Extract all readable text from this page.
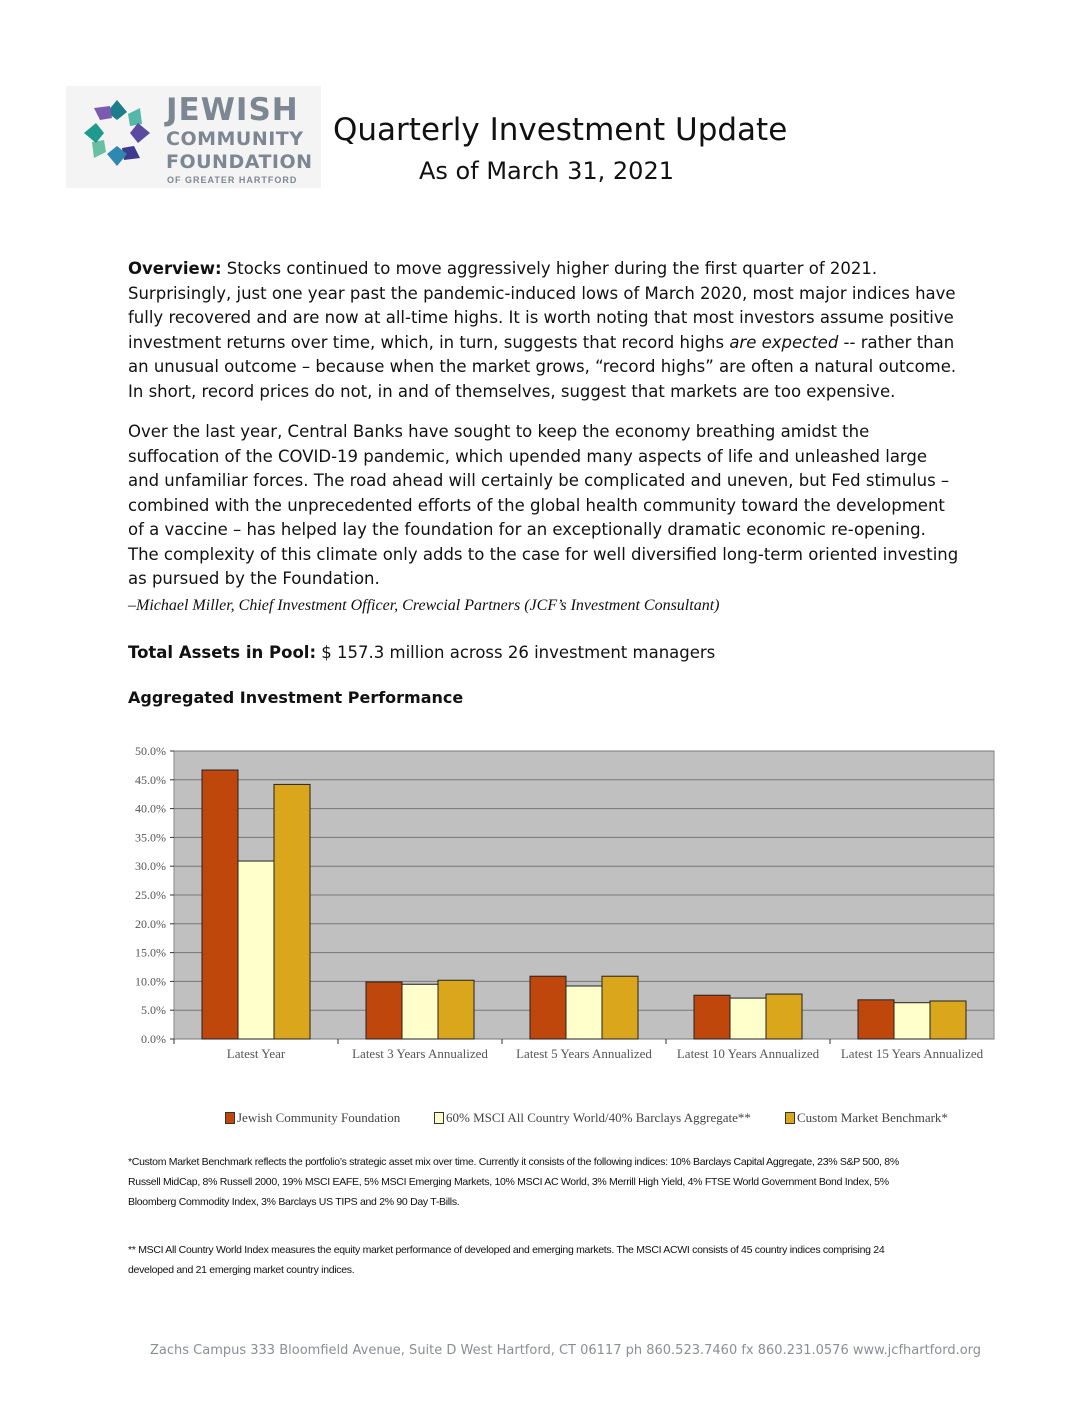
JEWISH
COMMUNITY
FOUNDATION
OF GREATER HARTFORD
Quarterly Investment Update
As of March 31, 2021
Overview: Stocks continued to move aggressively higher during the first quarter of 2021. Surprisingly, just one year past the pandemic-induced lows of March 2020, most major indices have fully recovered and are now at all-time highs. It is worth noting that most investors assume positive investment returns over time, which, in turn, suggests that record highs are expected -- rather than an unusual outcome – because when the market grows, “record highs” are often a natural outcome. In short, record prices do not, in and of themselves, suggest that markets are too expensive.
Over the last year, Central Banks have sought to keep the economy breathing amidst the suffocation of the COVID-19 pandemic, which upended many aspects of life and unleashed large and unfamiliar forces. The road ahead will certainly be complicated and uneven, but Fed stimulus – combined with the unprecedented efforts of the global health community toward the development of a vaccine – has helped lay the foundation for an exceptionally dramatic economic re-opening. The complexity of this climate only adds to the case for well diversified long-term oriented investing as pursued by the Foundation.
–Michael Miller, Chief Investment Officer, Crewcial Partners (JCF’s Investment Consultant)
Total Assets in Pool: $ 157.3 million across 26 investment managers
Aggregated Investment Performance
0.0%
5.0%
10.0%
15.0%
20.0%
25.0%
30.0%
35.0%
40.0%
45.0%
50.0%
Latest Year	Latest 3 Years Annualized Latest 5 Years Annualized Latest 10 Years Annualized Latest 15 Years Annualized
Jewish Community Foundation	60% MSCI All Country World/40% Barclays Aggregate**	Custom Market Benchmark*
*Custom Market Benchmark reflects the portfolio’s strategic asset mix over time. Currently it consists of the following indices: 10% Barclays Capital Aggregate, 23% S&P 500, 8% Russell MidCap, 8% Russell 2000, 19% MSCI EAFE, 5% MSCI Emerging Markets, 10% MSCI AC World, 3% Merrill High Yield, 4% FTSE World Government Bond Index, 5% Bloomberg Commodity Index, 3% Barclays US TIPS and 2% 90 Day T-Bills.
** MSCI All Country World Index measures the equity market performance of developed and emerging markets. The MSCI ACWI consists of 45 country indices comprising 24 developed and 21 emerging market country indices.
Zachs Campus 333 Bloomfield Avenue, Suite D West Hartford, CT 06117 ph 860.523.7460 fx 860.231.0576 www.jcfhartford.org
